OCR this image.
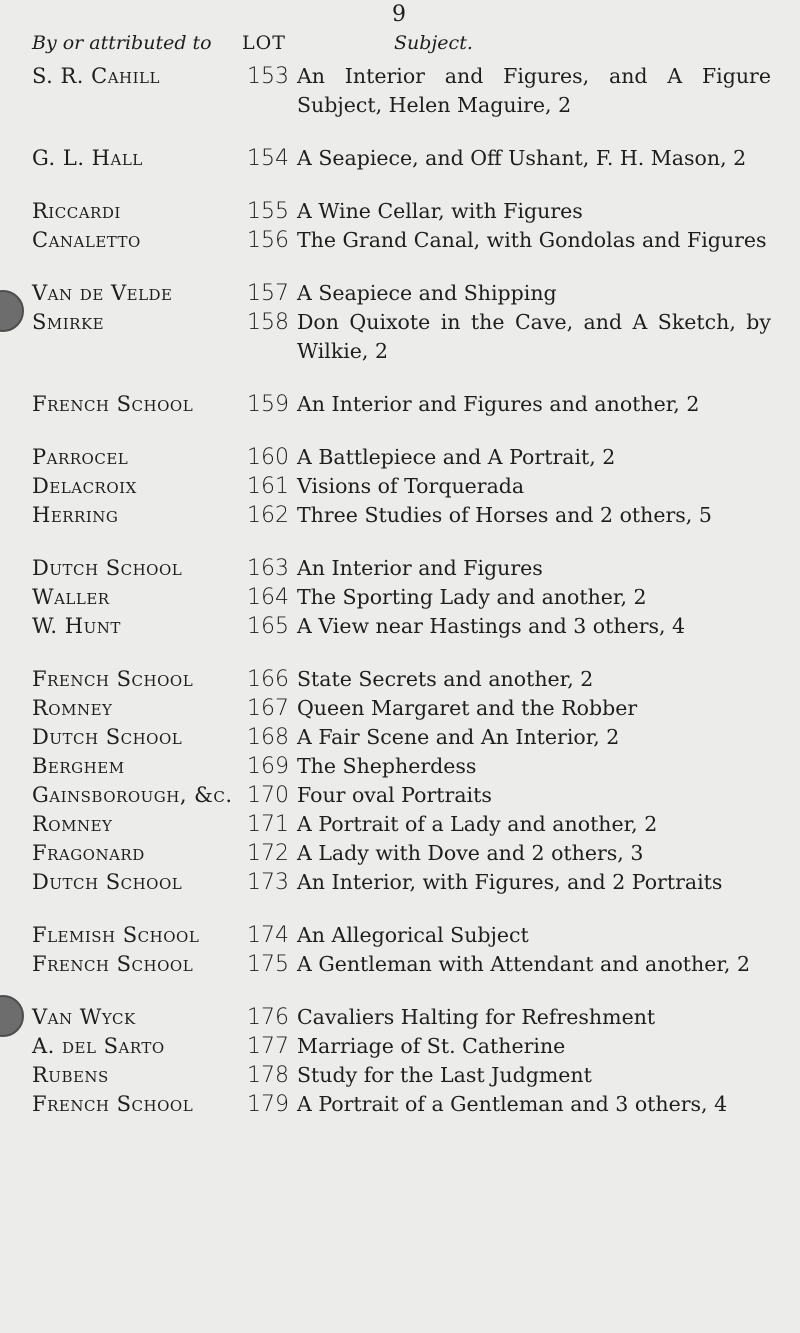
9
By or attributed to LOT	Subject.
S. R. Cahill	153 An Interior and Figures, and A Figure Subject, Helen Maguire, 2
G. L. Hall	154 A Seapiece, and Off Ushant, F. H. Mason, 2
Riccardi	155 A Wine Cellar, with Figures
Canaletto	156 The Grand Canal, with Gondolas and Figures
Van de Velde	157 A Seapiece and Shipping
Smirke	158 Don Quixote in the Cave, and A Sketch, by Wilkie, 2
French School	159 An Interior and Figures and another, 2
Parrocel	160 A Battlepiece and A Portrait, 2
Delacroix	161 Visions of Torquerada
Herring	162 Three Studies of Horses and 2 others, 5
Dutch School	163 An Interior and Figures
Waller	164 The Sporting Lady and another, 2
W. Hunt	165 A View near Hastings and 3 others, 4
French School	166 State Secrets and another, 2
Romney	167 Queen Margaret and the Robber
Dutch School	168 A Fair Scene and An Interior, 2
Berghem	169 The Shepherdess
Gainsborough, &c. 170 Four oval Portraits
Romney	171 A Portrait of a Lady and another, 2
Fragonard	172 A Lady with Dove and 2 others, 3
Dutch School	173 An Interior, with Figures, and 2 Portraits
Flemish School	174 An Allegorical Subject
French School	175 A Gentleman with Attendant and another, 2
Van Wyck	176 Cavaliers Halting for Refreshment
A. del Sarto	177 Marriage of St. Catherine
Rubens	178 Study for the Last Judgment
French School	179 A Portrait of a Gentleman and 3 others, 4
